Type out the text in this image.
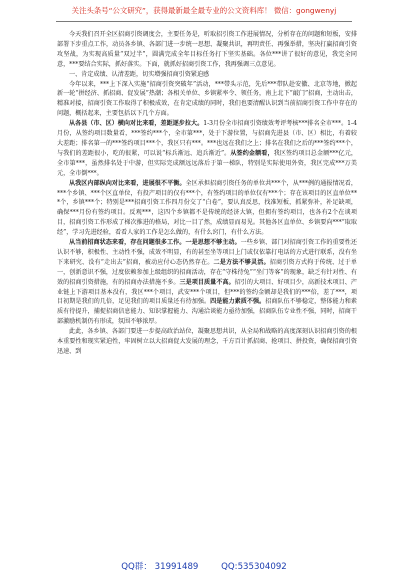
关注头条号“公文研究”，获得最新最全最专业的公文资料库！ 微信：gongwenyj

今天我们召开全区招商引资调度会，主要任务是，听取招引资工作进展情况，分析存在的问题和短板，安排部署下步重点工作，动员各乡镇、各部门进一步统一思想、凝聚共识，再明责任、再强举措，坚决打赢招商引资攻坚战，为实现高质量“双过半”，圆满完成全年目标任务打下坚实基础。各位***讲了很好的意见，我完全同意，***要结合实际，抓好落实。下面，就抓好招商引资工作，我再强调三点意见。

一、肯定成绩、认清差距，切实增强招商引资紧迫感

今年以来，***上下深入实施“招商引资突破年”活动，***带头示范，先后***带队赴安徽、北京等地，掀起新一轮“拼经济、抓招商、促发展”热潮；各相关单位、乡镇紧率令、领任务，南上北下“敲门”招商，主动出击，精准对接，招商引资工作取得了积极成效，在肯定成绩的同时，我们也要清醒认识到当前招商引资工作中存在的问题，概括起来，主要包括以下几个方面。

从各县（市、区）横向对比来看，差距逐步拉大。1-3月份全市招商引资绩效考评考核***排名全市***。1-4月份，从签约项目数量看，***签约***个，全市第***，处于下游位置，与招商先进县（市、区）相比，有着较大差距；排名第一的***签约项目***个，我区只有***。***也远在我们之上；排名在我们之后的***签约***个，与我们的差距很小，吃的很紧，可以说“标兵渐远、追兵渐近”。从签约金额看，我区签约项目总金额***亿元，全市第***，虽然排名处于中游，但实际完成额远远落后于第一梯队，特别是实际使用外资，我区完成***万美元，全市倒***。

从我区内部纵向对比来看，进展很不平衡。全区承担招商引资任务的单位共***个，从***例的通报情况看，***个乡镇、***个区直单位，有投产项目的仅有***个，有签约项目的单位仅有***个；存在该项目的区直单位***个，乡镇***个；特别是***招商引资工作四月份交了“白卷”，要认真反思，找准短板，抓紧弥补，补足缺项，确保***月份有签约项目。反观***，这四个乡镇都不是传统的经济大镇，但拥有签约项目，也各有2个在谈项目，招商引资工作形成了梯次推进的格局，对比一目了然，成绩显而易见。其他各区直单位、乡镇要向***“取取经”，学习先进经验，看看人家的工作是怎么做的，有什么窍门，有什么方法。

从当前招商状态来看，存在问题很多工作。一是思想不够主动。一些乡镇、部门对招商引资工作的重要性还认识不够，积极性、主动性不强，成效不明显，有的甚至坐等项目上门或仅依靠打电话的方式进行联系，没有坐下来研究、没有“走出去”招商，被动应付心态仍然存在。二是方法不够灵活。招商引资方式拘于传统、过于单一，创新意识不强，过度依赖参加上级组织的招商活动，存在“守株待兔”“坐门等客”的现象，缺乏有针对性、有效的招商引资措施，有的招商办法措施不多。三是项目质量不高。招引的大项目、好项目少，高新技术项目、产业链上下游项目基本没有，我区***个项目，武安***个项目，但***的签约金额却是我们的***倍，差了***，项目初期是我们的几倍，足见我们的项目质量还有待加强。四是能力素质不强。招商队伍不够稳定，整体能力和素质有待提升，捕捉招商信息能力、知识掌握能力、沟通洽谈能力亟待加强，招商队伍专业性不强，同时，招商干部激励机制仍有形成，氛围不够浓厚。

此此，各乡镇、各部门要进一步提高政治站位，凝聚思想共识，从全局和战略的高度深刻认识招商引资的根本重要性和现实紧迫性，牢固树立以大招商促大发展的理念，千方百计抓招商、抢项目、拼投资，确保招商引资迅速、到

QQ群： 31991489	QQ:535304092
